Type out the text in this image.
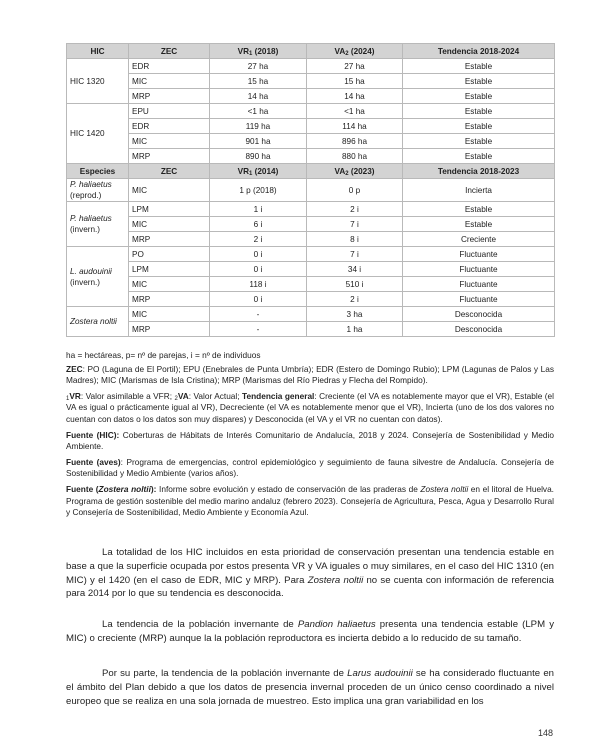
HIC	ZEC	$VR_1$ (2018)	$VA_2$ (2024)	Tendencia 2018-2024
HIC 1320	EDR	27 ha	27 ha	Estable
	MIC	15 ha	15 ha	Estable
	MRP	14 ha	14 ha	Estable
HIC 1420	EPU	<1 ha	<1 ha	Estable
	EDR	119 ha	114 ha	Estable
	MIC	901 ha	896 ha	Estable
	MRP	890 ha	880 ha	Estable
Especies	ZEC	$VR_1$ (2014)	$VA_2$ (2023)	Tendencia 2018-2023
P. haliaetus
(reprod.)	MIC	1 p (2018)	0 p	Incierta
P. haliaetus
(invern.)	LPM	1 i	2 i	Estable
	MIC	6 i	7 i	Estable
	MRP	2 i	8 i	Creciente
L. audouinii
(invern.)	PO	0 i	7 i	Fluctuante
	LPM	0 i	34 i	Fluctuante
	MIC	118 i	510 i	Fluctuante
	MRP	0 i	2 i	Fluctuante
Zostera noltii	MIC	-	3 ha	Desconocida
	MRP	-	1 ha	Desconocida

ha = hectáreas, p= nº de parejas, i = nº de individuos

ZEC: PO (Laguna de El Portil); EPU (Enebrales de Punta Umbría); EDR (Estero de Domingo Rubio); LPM (Lagunas de Palos y Las Madres); MIC (Marismas de Isla Cristina); MRP (Marismas del Río Piedras y Flecha del Rompido).

$_1$VR: Valor asimilable a VFR; $_2$VA: Valor Actual; Tendencia general: Creciente (el VA es notablemente mayor que el VR), Estable (el VA es igual o prácticamente igual al VR), Decreciente (el VA es notablemente menor que el VR), Incierta (uno de los dos valores no cuentan con datos o los datos son muy dispares) y Desconocida (el VA y el VR no cuentan con datos).

Fuente (HIC): Coberturas de Hábitats de Interés Comunitario de Andalucía, 2018 y 2024. Consejería de Sostenibilidad y Medio Ambiente.

Fuente (aves): Programa de emergencias, control epidemiológico y seguimiento de fauna silvestre de Andalucía. Consejería de Sostenibilidad y Medio Ambiente (varios años).

Fuente (Zostera noltii): Informe sobre evolución y estado de conservación de las praderas de Zostera noltii en el litoral de Huelva. Programa de gestión sostenible del medio marino andaluz (febrero 2023). Consejería de Agricultura, Pesca, Agua y Desarrollo Rural y Consejería de Sostenibilidad, Medio Ambiente y Economía Azul.

La totalidad de los HIC incluidos en esta prioridad de conservación presentan una tendencia estable en base a que la superficie ocupada por estos presenta VR y VA iguales o muy similares, en el caso del HIC 1310 (en MIC) y el 1420 (en el caso de EDR, MIC y MRP). Para Zostera noltii no se cuenta con información de referencia para 2014 por lo que su tendencia es desconocida.
La tendencia de la población invernante de Pandion haliaetus presenta una tendencia estable (LPM y MIC) o creciente (MRP) aunque la la población reproductora es incierta debido a lo reducido de su tamaño.
Por su parte, la tendencia de la población invernante de Larus audouinii se ha considerado fluctuante en el ámbito del Plan debido a que los datos de presencia invernal proceden de un único censo coordinado a nivel europeo que se realiza en una sola jornada de muestreo. Esto implica una gran variabilidad en los
148
